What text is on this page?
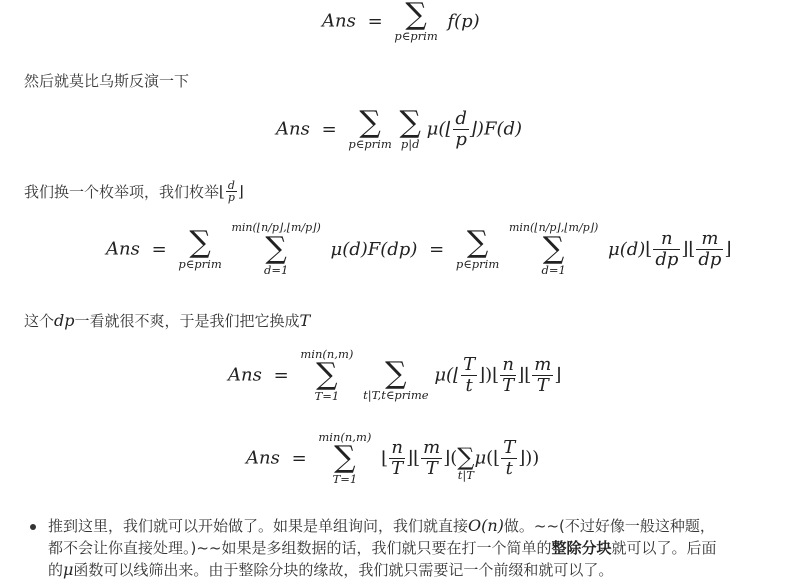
Ans = ∑
p∈prim
f(p)
然后就莫比乌斯反演一下
Ans = ∑
p∈prim

∑
p|d
μ(⌊ $\frac{d}{p}$ ⌋)F(d)
我们换一个枚举项，我们枚举⌊ $\frac{d}{p}$ ⌋
Ans = ∑
p∈prim

min(⌊n/p⌋,⌊m/p⌋)
∑
d=1
μ(d)F(dp) = ∑
p∈prim

min(⌊n/p⌋,⌊m/p⌋)
∑
d=1
μ(d)⌊ $\frac{n}{dp}$ ⌋⌊ $\frac{m}{dp}$ ⌋
这个dp一看就很不爽，于是我们把它换成T
Ans =
min(n,m)
∑
T=1

∑
t|T,t∈prime
μ(⌊ $\frac{T}{t}$ ⌋)⌊ $\frac{n}{T}$ ⌋⌊ $\frac{m}{T}$ ⌋
Ans =
min(n,m)
∑
T=1
⌊ $\frac{n}{T}$ ⌋⌊ $\frac{m}{T}$ ⌋( ∑
t|T
μ(⌊ $\frac{T}{t}$ ⌋))
推到这里，我们就可以开始做了。如果是单组询问，我们就直接O(n)做。~~(不过好像一般这种题，
都不会让你直接处理。)~~如果是多组数据的话，我们就只要在打一个简单的整除分块就可以了。后面
的μ函数可以线筛出来。由于整除分块的缘故，我们就只需要记一个前缀和就可以了。
